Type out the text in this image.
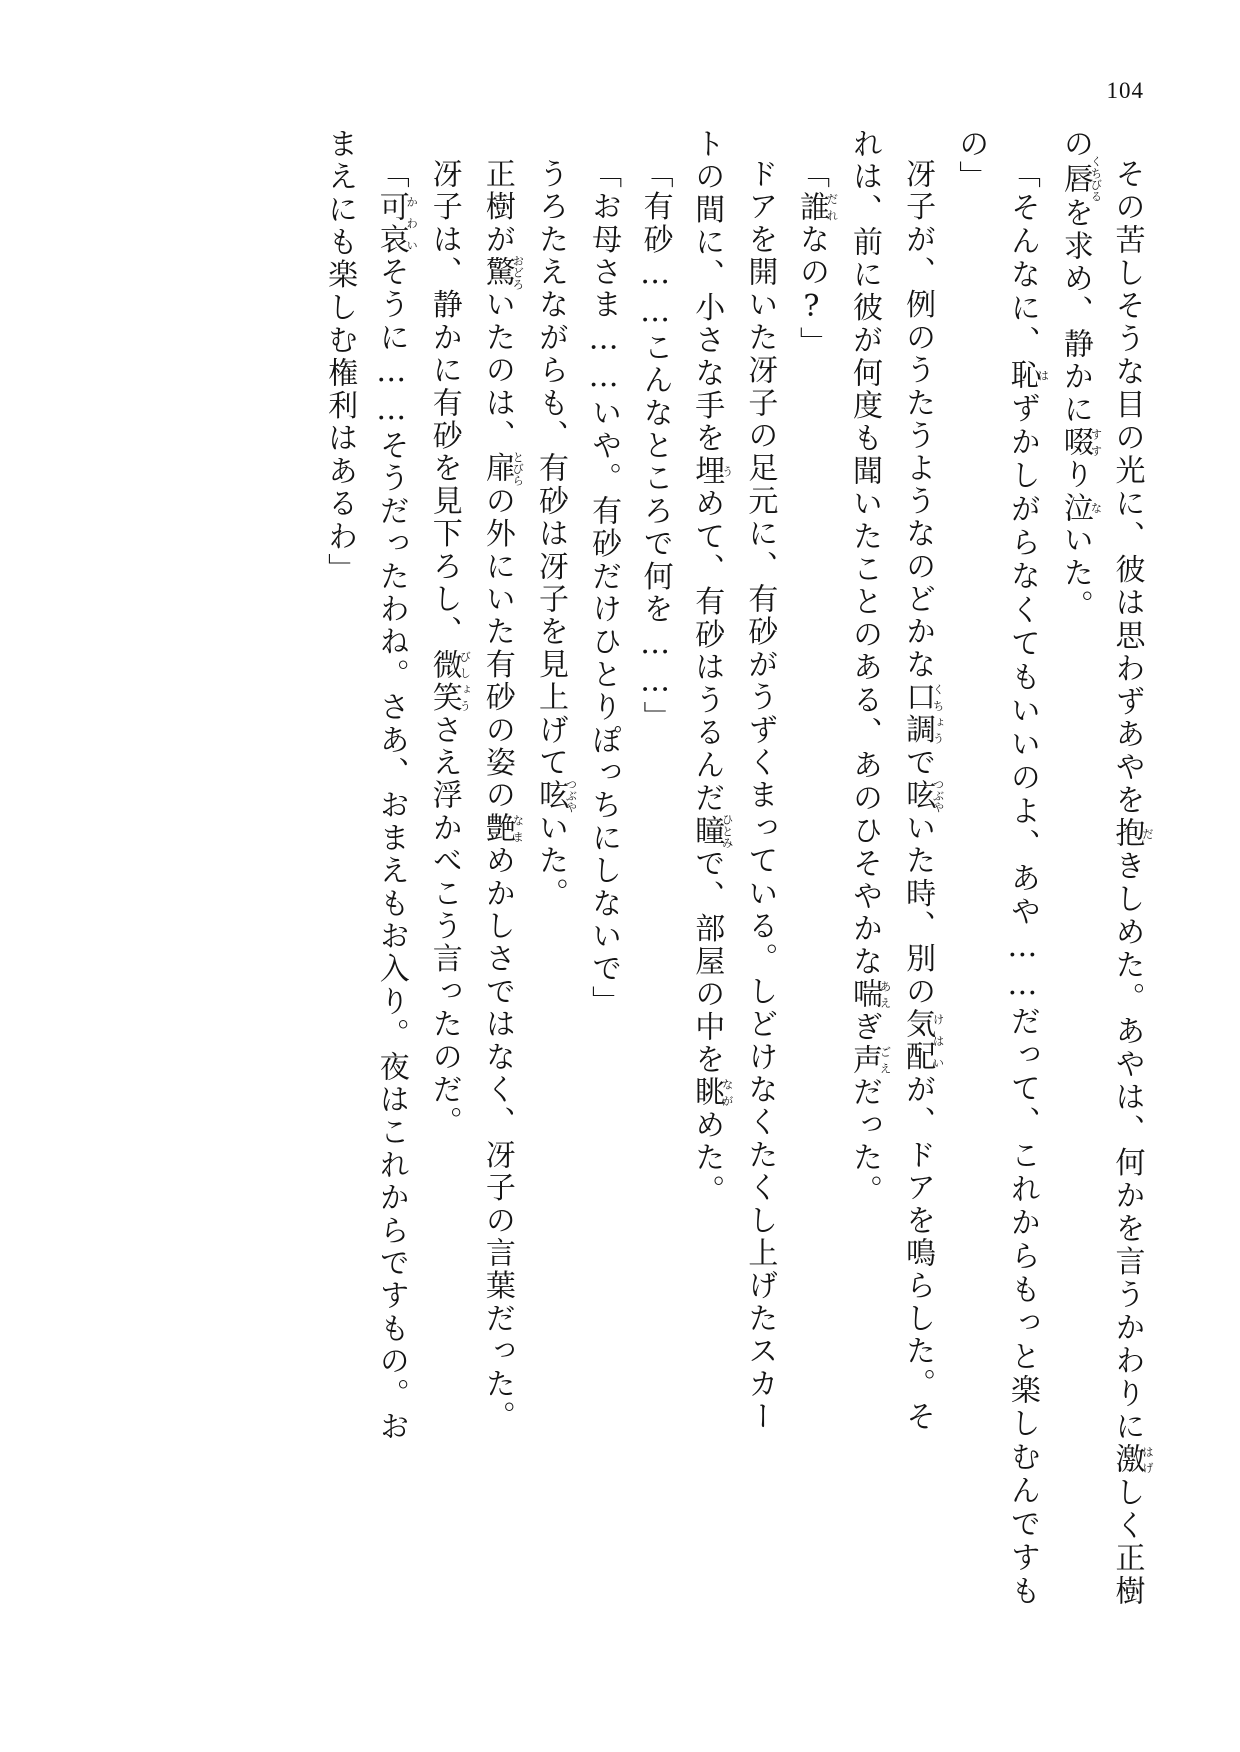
104

その苦しそうな目の光に、彼は思わずあやを抱だきしめた。あやは、何かを言うかわりに激はげしく正樹の唇くちびるを求め、静かに啜すすり泣ないた。

「そんなに、恥はずかしがらなくてもいいのよ、あや……だって、これからもっと楽しむんですもの」

冴子が、例のうたうようなのどかな口調くちょうで呟つぶやいた時、別の気配けはいが、ドアを鳴らした。そ

れは、前に彼が何度も聞いたことのある、あのひそやかな喘あえぎ声ごえだった。

「誰だれなの?」

ドアを開いた冴子の足元に、有砂がうずくまっている。しどけなくたくし上げたスカー

トの間に、小さな手を埋うめて、有砂はうるんだ瞳ひとみで、部屋の中を眺ながめた。

「有砂……こんなところで何を……」

「お母さま……いや。有砂だけひとりぽっちにしないで」

うろたえながらも、有砂は冴子を見上げて呟つぶやいた。

正樹が驚おどろいたのは、扉とびらの外にいた有砂の姿の艶なまめかしさではなく、冴子の言葉だった。

冴子は、静かに有砂を見下ろし、微笑びしょうさえ浮かべこう言ったのだ。

「可哀かわいそうに……そうだったわね。さあ、おまえもお入り。夜はこれからですもの。お

まえにも楽しむ権利はあるわ」
